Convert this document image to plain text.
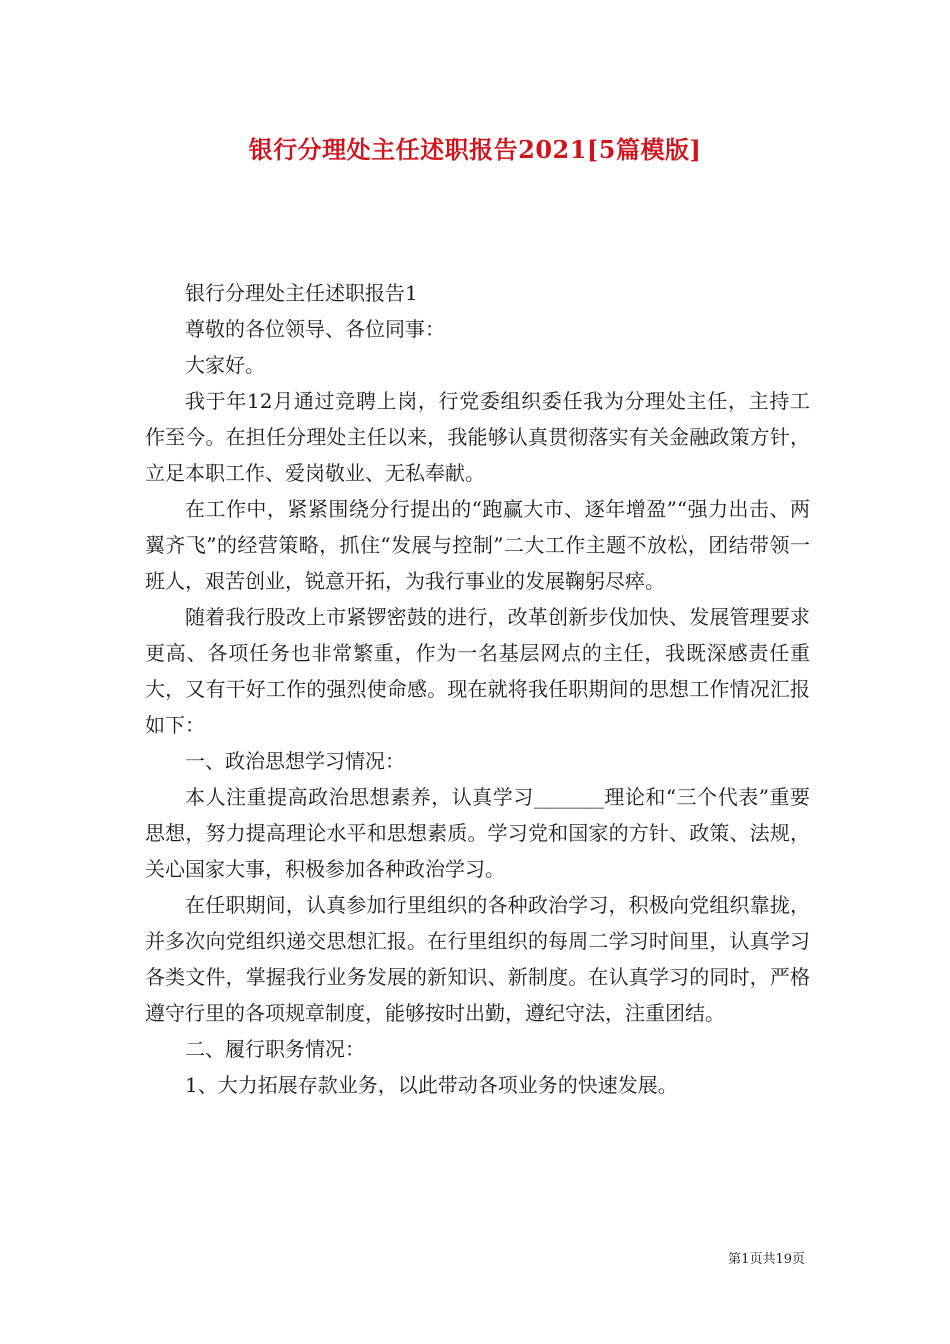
银行分理处主任述职报告2021[5篇模版]

银行分理处主任述职报告1

尊敬的各位领导、各位同事：

大家好。

我于年12月通过竞聘上岗，行党委组织委任我为分理处主任，主持工作至今。在担任分理处主任以来，我能够认真贯彻落实有关金融政策方针，立足本职工作、爱岗敬业、无私奉献。

在工作中，紧紧围绕分行提出的“跑赢大市、逐年增盈”“强力出击、两翼齐飞”的经营策略，抓住“发展与控制”二大工作主题不放松，团结带领一班人，艰苦创业，锐意开拓，为我行事业的发展鞠躬尽瘁。

随着我行股改上市紧锣密鼓的进行，改革创新步伐加快、发展管理要求更高、各项任务也非常繁重，作为一名基层网点的主任，我既深感责任重大，又有干好工作的强烈使命感。现在就将我任职期间的思想工作情况汇报如下：

一、政治思想学习情况：

本人注重提高政治思想素养，认真学习_______理论和“三个代表”重要思想，努力提高理论水平和思想素质。学习党和国家的方针、政策、法规，关心国家大事，积极参加各种政治学习。

在任职期间，认真参加行里组织的各种政治学习，积极向党组织靠拢，并多次向党组织递交思想汇报。在行里组织的每周二学习时间里，认真学习各类文件，掌握我行业务发展的新知识、新制度。在认真学习的同时，严格遵守行里的各项规章制度，能够按时出勤，遵纪守法，注重团结。

二、履行职务情况：

1、大力拓展存款业务，以此带动各项业务的快速发展。

第1页共19页
